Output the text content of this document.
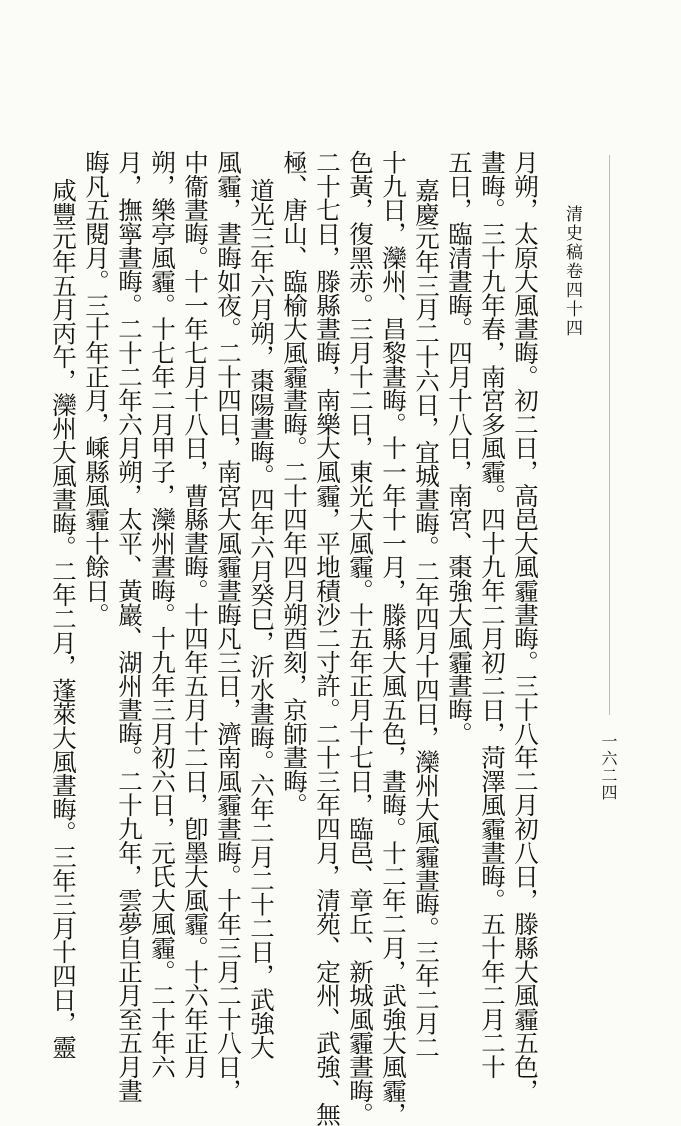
清史稿卷四十四
一六二四
月朔，太原大風晝晦。初二日，高邑大風霾晝晦。三十八年二月初八日，滕縣大風霾五色，
晝晦。三十九年春，南宮多風霾。四十九年二月初二日，菏澤風霾晝晦。五十年二月二十
五日，臨清晝晦。四月十八日，南宮、棗強大風霾晝晦。
嘉慶元年三月二十六日，宜城晝晦。二年四月十四日，灤州大風霾晝晦。三年二月二
十九日，灤州、昌黎晝晦。十一年十一月，滕縣大風五色，晝晦。十二年二月，武強大風霾，
色黃，復黑赤。三月十二日，東光大風霾。十五年正月十七日，臨邑、章丘、新城風霾晝晦。
二十七日，滕縣晝晦，南樂大風霾，平地積沙二寸許。二十三年四月，清苑、定州、武強、無
極、唐山、臨榆大風霾晝晦。二十四年四月朔酉刻，京師晝晦。
道光三年六月朔，棗陽晝晦。四年六月癸巳，沂水晝晦。六年二月二十二日，武強大
風霾，晝晦如夜。二十四日，南宮大風霾晝晦凡三日，濟南風霾晝晦。十年三月二十八日，
中衞晝晦。十一年七月十八日，曹縣晝晦。十四年五月十二日，卽墨大風霾。十六年正月
朔，樂亭風霾。十七年二月甲子，灤州晝晦。十九年三月初六日，元氏大風霾。二十年六
月，撫寧晝晦。二十二年六月朔，太平、黃巖、湖州晝晦。二十九年，雲夢自正月至五月晝
晦凡五閱月。三十年正月，嵊縣風霾十餘日。
咸豐元年五月丙午，灤州大風晝晦。二年二月，蓬萊大風晝晦。三年三月十四日，靈
